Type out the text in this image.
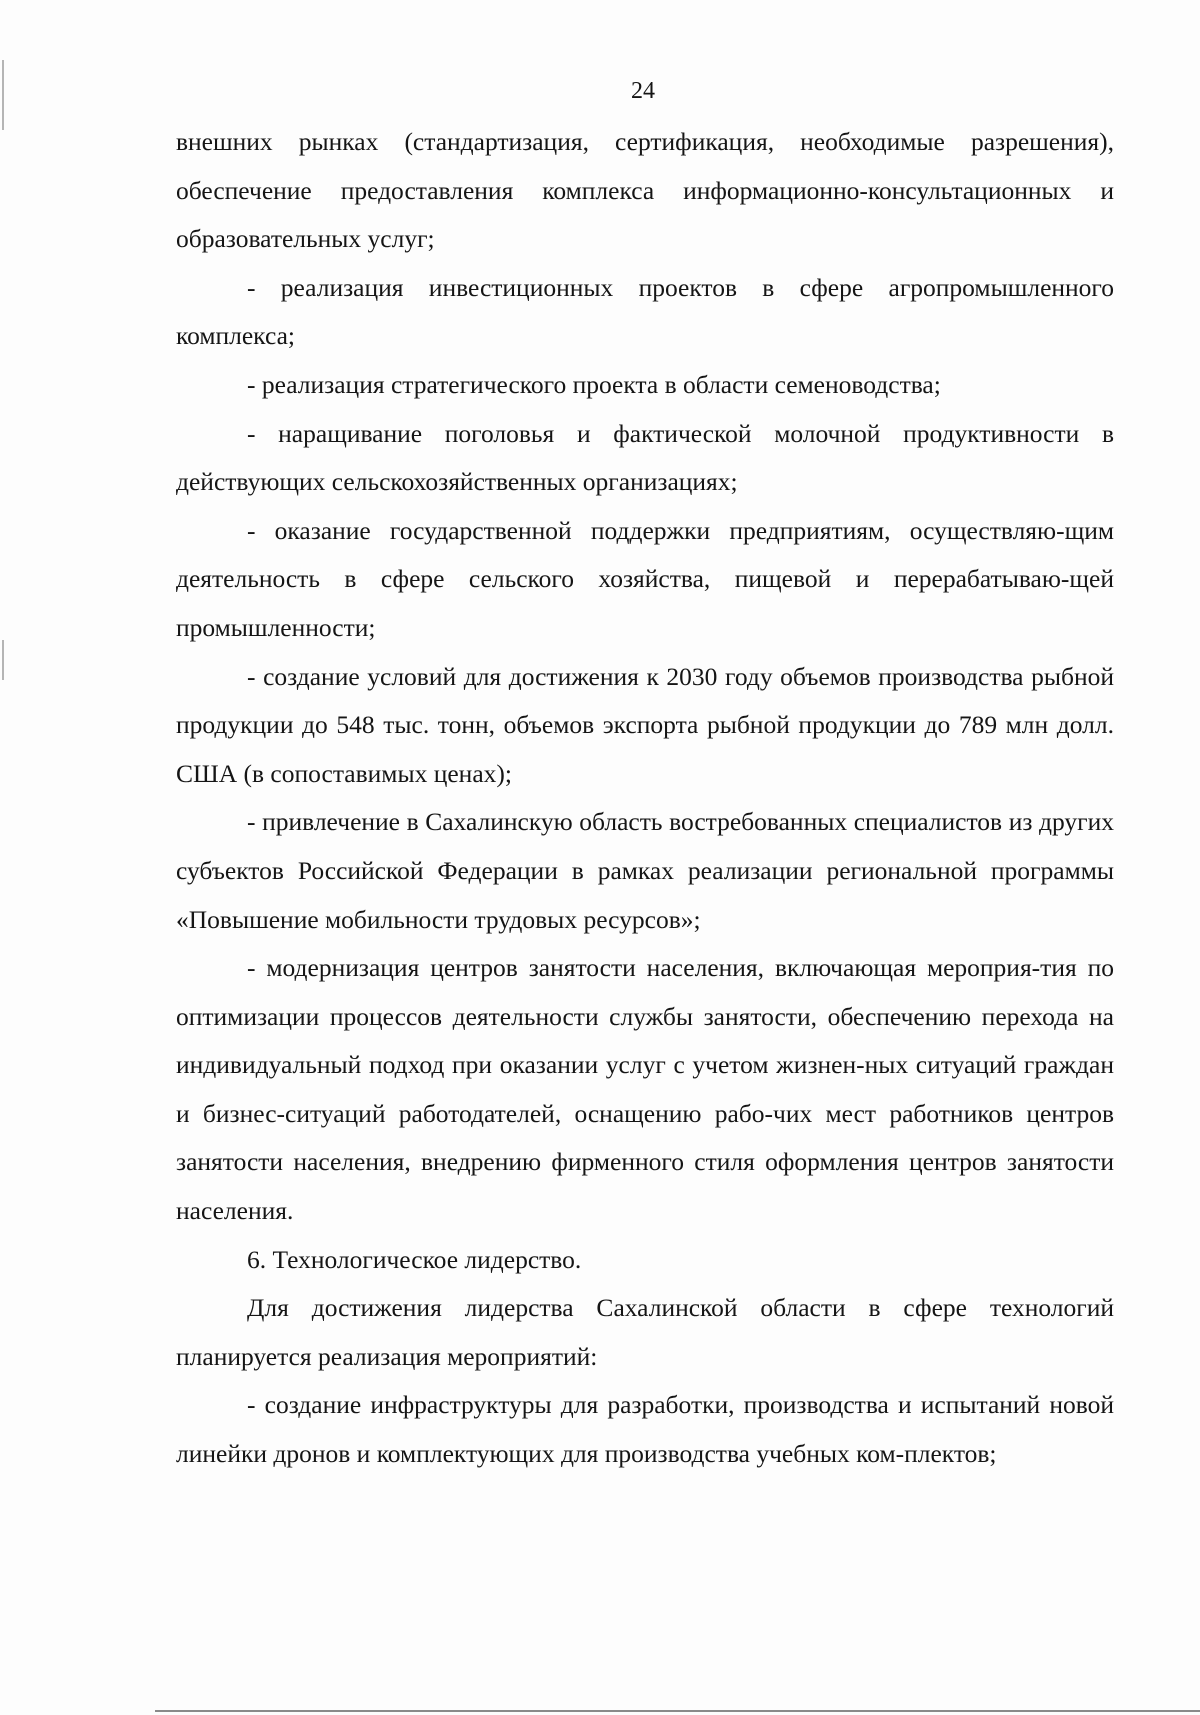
24

внешних рынках (стандартизация, сертификация, необходимые разрешения), обеспечение предоставления комплекса информационно-консультационных и образовательных услуг;

- реализация инвестиционных проектов в сфере агропромышленного комплекса;

- реализация стратегического проекта в области семеноводства;

- наращивание поголовья и фактической молочной продуктивности в действующих сельскохозяйственных организациях;

- оказание государственной поддержки предприятиям, осуществляю-щим деятельность в сфере сельского хозяйства, пищевой и перерабатываю-щей промышленности;

- создание условий для достижения к 2030 году объемов производства рыбной продукции до 548 тыс. тонн, объемов экспорта рыбной продукции до 789 млн долл. США (в сопоставимых ценах);

- привлечение в Сахалинскую область востребованных специалистов из других субъектов Российской Федерации в рамках реализации региональной программы «Повышение мобильности трудовых ресурсов»;

- модернизация центров занятости населения, включающая мероприя-тия по оптимизации процессов деятельности службы занятости, обеспечению перехода на индивидуальный подход при оказании услуг с учетом жизнен-ных ситуаций граждан и бизнес-ситуаций работодателей, оснащению рабо-чих мест работников центров занятости населения, внедрению фирменного стиля оформления центров занятости населения.

6. Технологическое лидерство.

Для достижения лидерства Сахалинской области в сфере технологий планируется реализация мероприятий:

- создание инфраструктуры для разработки, производства и испытаний новой линейки дронов и комплектующих для производства учебных ком-плектов;
